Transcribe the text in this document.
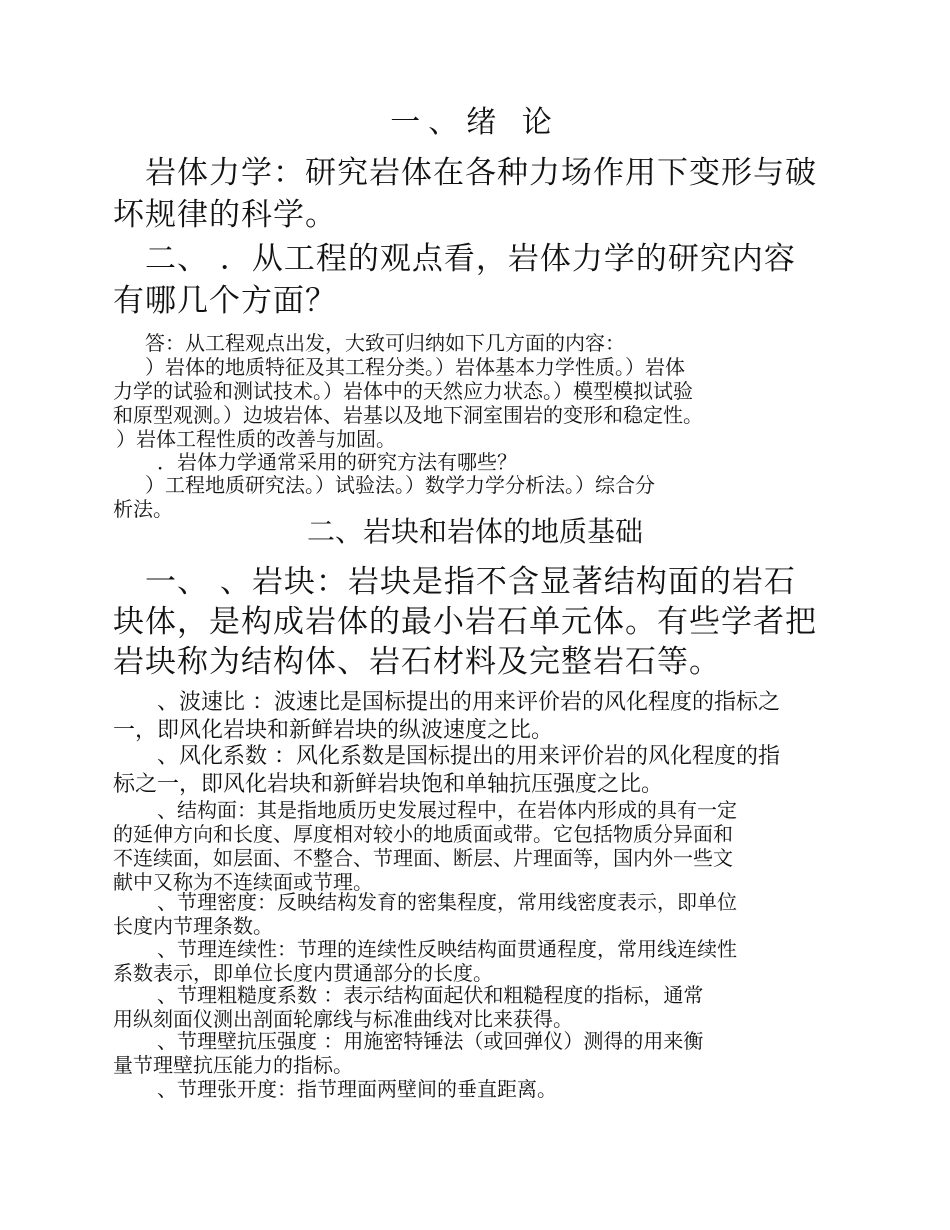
一、绪 论
岩体力学：研究岩体在各种力场作用下变形与破
坏规律的科学。
二、 ．从工程的观点看，岩体力学的研究内容
有哪几个方面？
答：从工程观点出发，大致可归纳如下几方面的内容：
）岩体的地质特征及其工程分类。）岩体基本力学性质。）岩体
力学的试验和测试技术。）岩体中的天然应力状态。）模型模拟试验
和原型观测。）边坡岩体、岩基以及地下洞室围岩的变形和稳定性。
）岩体工程性质的改善与加固。
．岩体力学通常采用的研究方法有哪些？
）工程地质研究法。）试验法。）数学力学分析法。）综合分
析法。
二、岩块和岩体的地质基础
一、 、岩块：岩块是指不含显著结构面的岩石
块体，是构成岩体的最小岩石单元体。有些学者把
岩块称为结构体、岩石材料及完整岩石等。
、波速比 ：波速比是国标提出的用来评价岩的风化程度的指标之
一，即风化岩块和新鲜岩块的纵波速度之比。
、风化系数 ：风化系数是国标提出的用来评价岩的风化程度的指
标之一，即风化岩块和新鲜岩块饱和单轴抗压强度之比。
、结构面：其是指地质历史发展过程中，在岩体内形成的具有一定
的延伸方向和长度、厚度相对较小的地质面或带。它包括物质分异面和
不连续面，如层面、不整合、节理面、断层、片理面等，国内外一些文
献中又称为不连续面或节理。
、节理密度：反映结构发育的密集程度，常用线密度表示，即单位
长度内节理条数。
、节理连续性：节理的连续性反映结构面贯通程度，常用线连续性
系数表示，即单位长度内贯通部分的长度。
、节理粗糙度系数 ：表示结构面起伏和粗糙程度的指标，通常
用纵刻面仪测出剖面轮廓线与标准曲线对比来获得。
、节理壁抗压强度 ：用施密特锤法（或回弹仪）测得的用来衡
量节理壁抗压能力的指标。
、节理张开度：指节理面两壁间的垂直距离。
